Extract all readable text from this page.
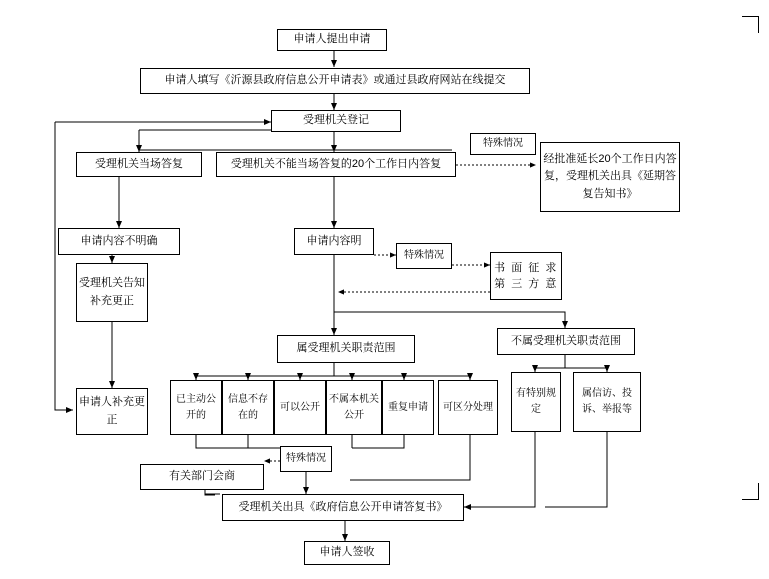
申请人提出申请
申请人填写《沂源县政府信息公开申请表》或通过县政府网站在线提交
受理机关登记
受理机关当场答复	受理机关不能当场答复的20个工作日内答复
特殊情况
经批准延长20个工作日内答复，受理机关出具《延期答复告知书》
申请内容不明确	申请内容明
特殊情况
书 面 征 求 第 三 方 意
受理机关告知补充更正
属受理机关职责范围
不属受理机关职责范围
申请人补充更正
已主动公开的
信息不存在的
可以公开
不属本机关公开
重复申请	可区分处理
有特别规定
属信访、投诉、举报等
特殊情况
有关部门会商
受理机关出具《政府信息公开申请答复书》
申请人签收
